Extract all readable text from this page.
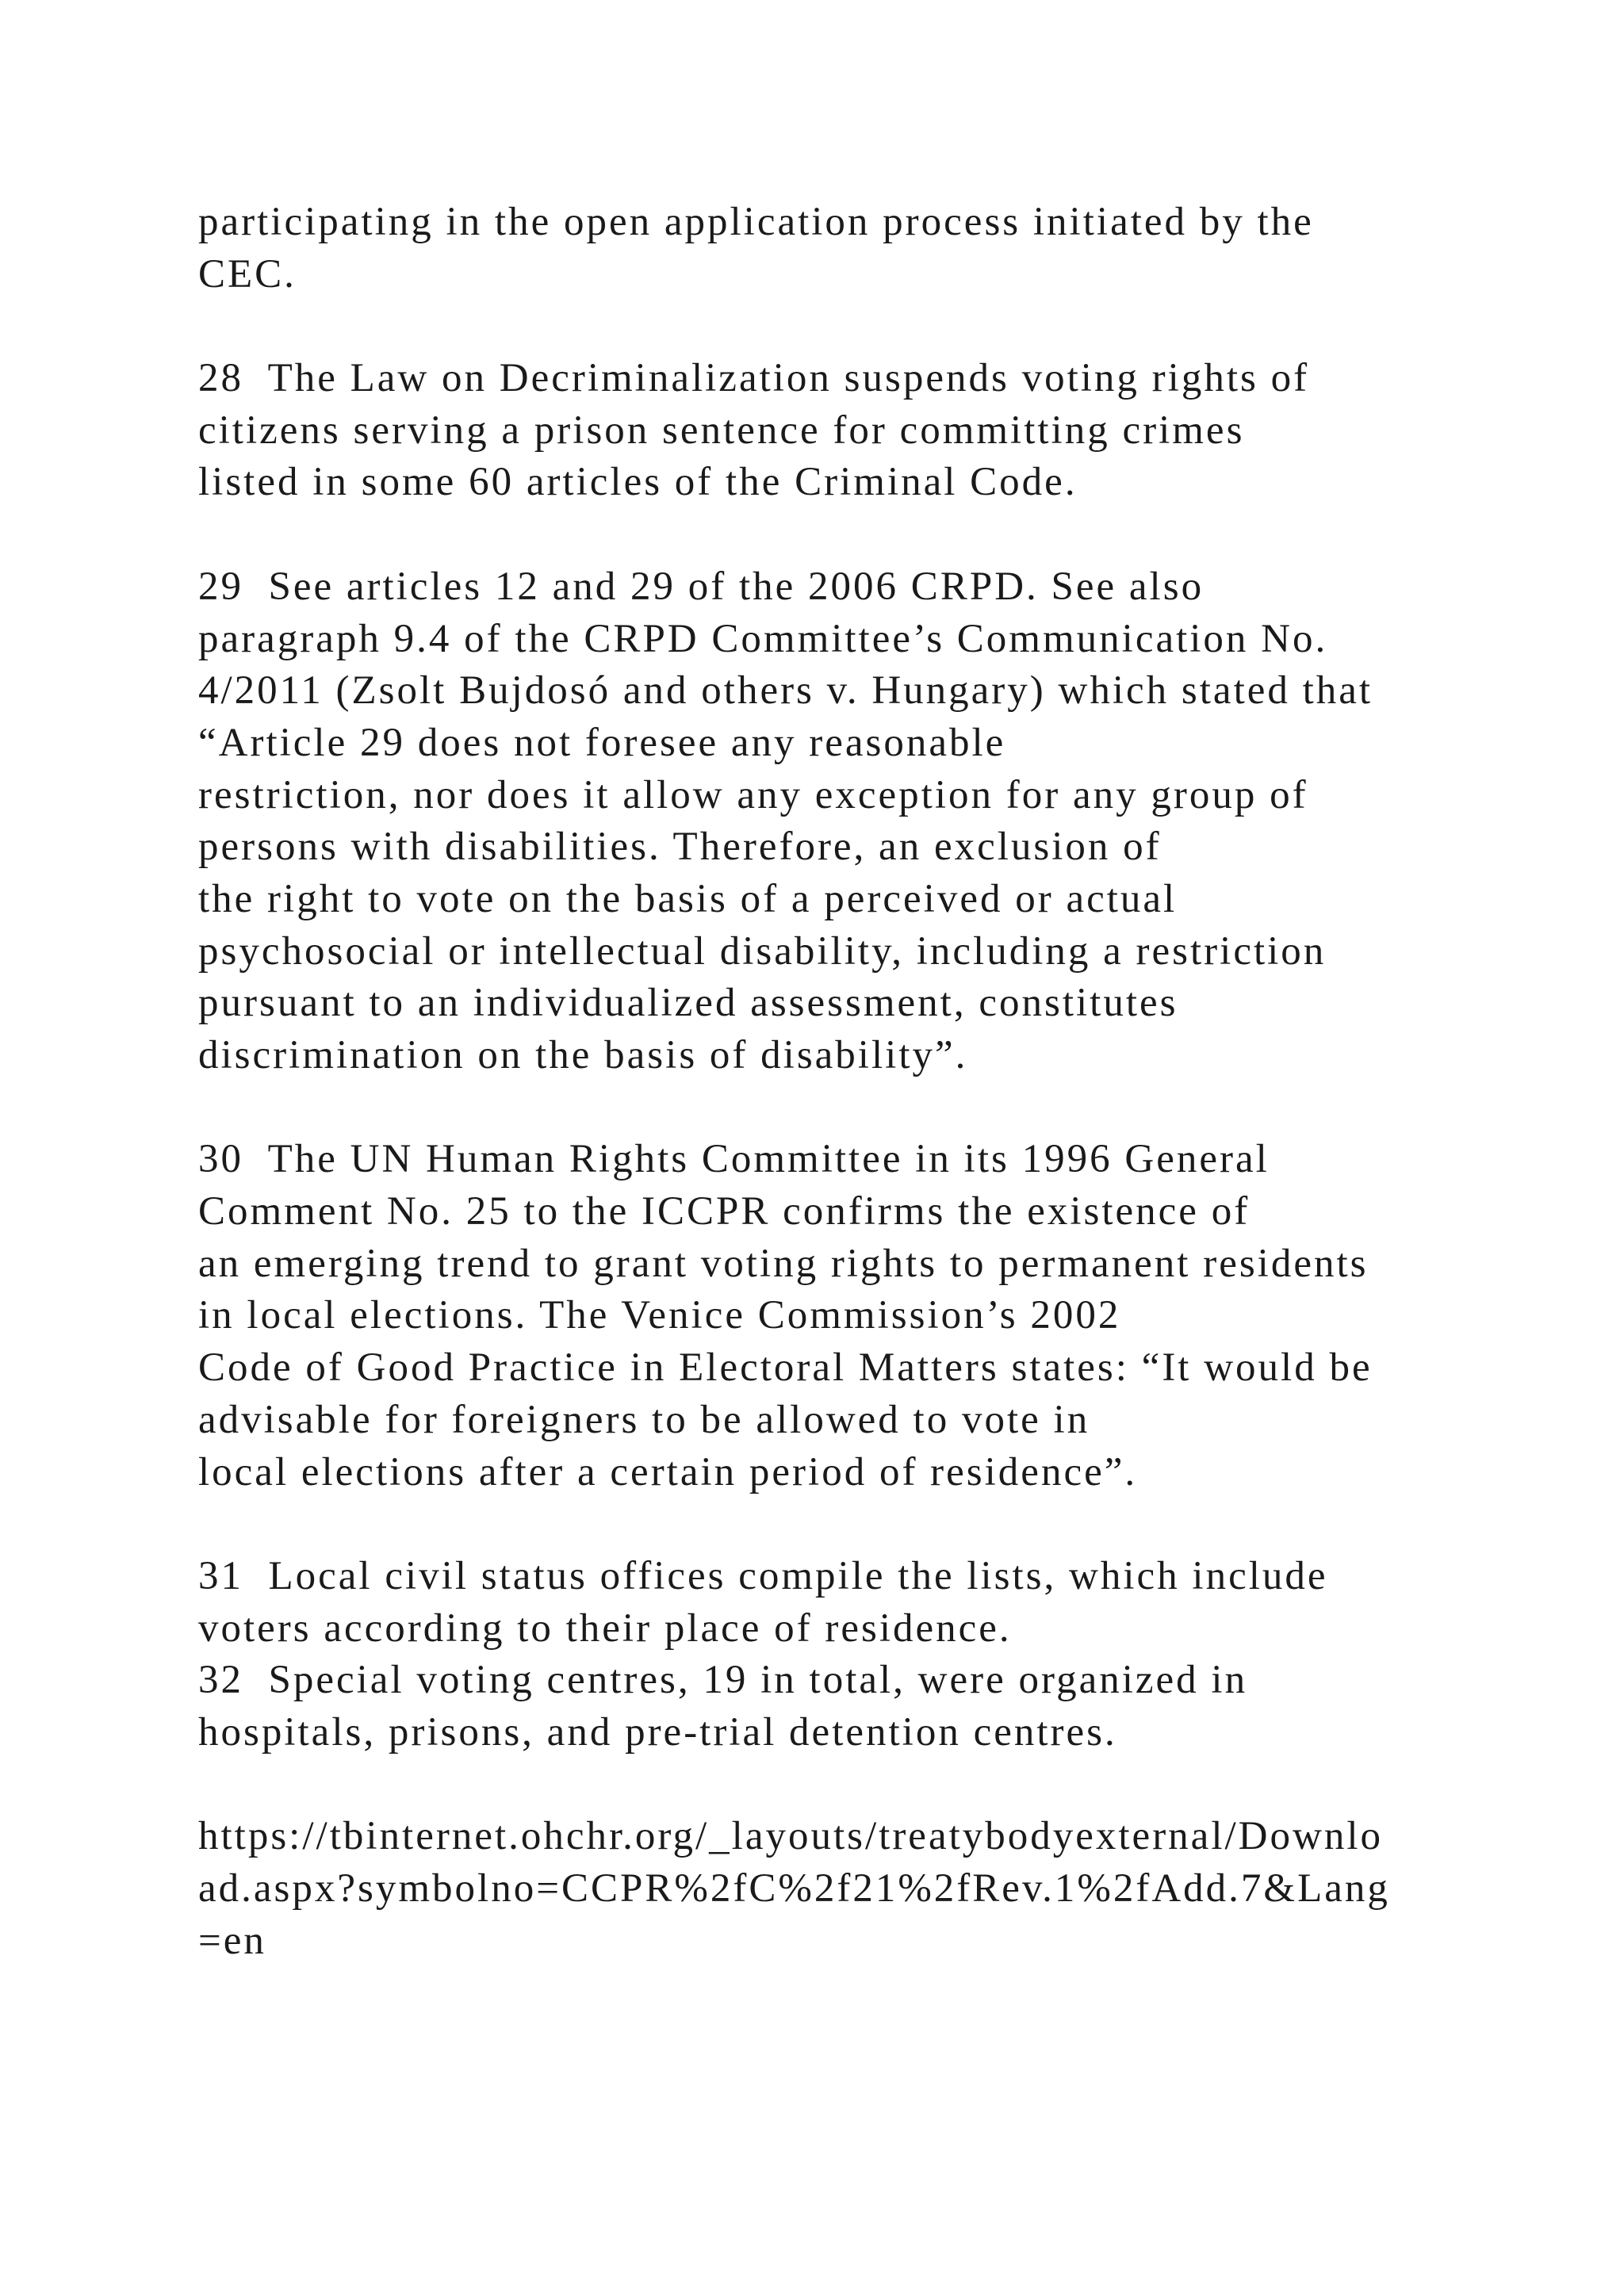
participating in the open application process initiated by the
CEC.
28  The Law on Decriminalization suspends voting rights of
citizens serving a prison sentence for committing crimes
listed in some 60 articles of the Criminal Code.
29  See articles 12 and 29 of the 2006 CRPD. See also
paragraph 9.4 of the CRPD Committee’s Communication No.
4/2011 (Zsolt Bujdosó and others v. Hungary) which stated that
“Article 29 does not foresee any reasonable
restriction, nor does it allow any exception for any group of
persons with disabilities. Therefore, an exclusion of
the right to vote on the basis of a perceived or actual
psychosocial or intellectual disability, including a restriction
pursuant to an individualized assessment, constitutes
discrimination on the basis of disability”.
30  The UN Human Rights Committee in its 1996 General
Comment No. 25 to the ICCPR confirms the existence of
an emerging trend to grant voting rights to permanent residents
in local elections. The Venice Commission’s 2002
Code of Good Practice in Electoral Matters states: “It would be
advisable for foreigners to be allowed to vote in
local elections after a certain period of residence”.
31  Local civil status offices compile the lists, which include
voters according to their place of residence.
32  Special voting centres, 19 in total, were organized in
hospitals, prisons, and pre-trial detention centres.
https://tbinternet.ohchr.org/_layouts/treatybodyexternal/Downlo
ad.aspx?symbolno=CCPR%2fC%2f21%2fRev.1%2fAdd.7&Lang
=en
